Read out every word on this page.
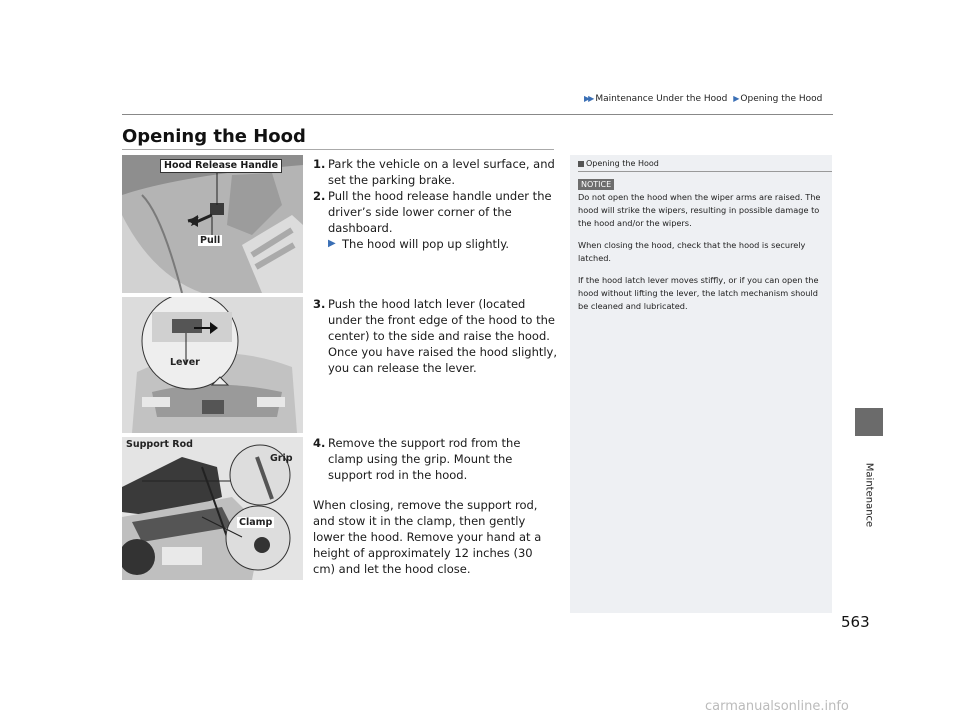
▶▶ Maintenance Under the Hood ▶ Opening the Hood
Opening the Hood
Hood Release Handle
Pull
Lever
Support Rod
Grip
Clamp
1. Park the vehicle on a level surface, and set the parking brake.
2. Pull the hood release handle under the driver’s side lower corner of the dashboard.
▶ The hood will pop up slightly.
3. Push the hood latch lever (located under the front edge of the hood to the center) to the side and raise the hood. Once you have raised the hood slightly, you can release the lever.
4. Remove the support rod from the clamp using the grip. Mount the support rod in the hood.

When closing, remove the support rod, and stow it in the clamp, then gently lower the hood. Remove your hand at a height of approximately 12 inches (30 cm) and let the hood close.

Opening the Hood
NOTICE

Do not open the hood when the wiper arms are raised. The hood will strike the wipers, resulting in possible damage to the hood and/or the wipers.

When closing the hood, check that the hood is securely latched.

If the hood latch lever moves stiffly, or if you can open the hood without lifting the lever, the latch mechanism should be cleaned and lubricated.

Maintenance
563
carmanualsonline.info
